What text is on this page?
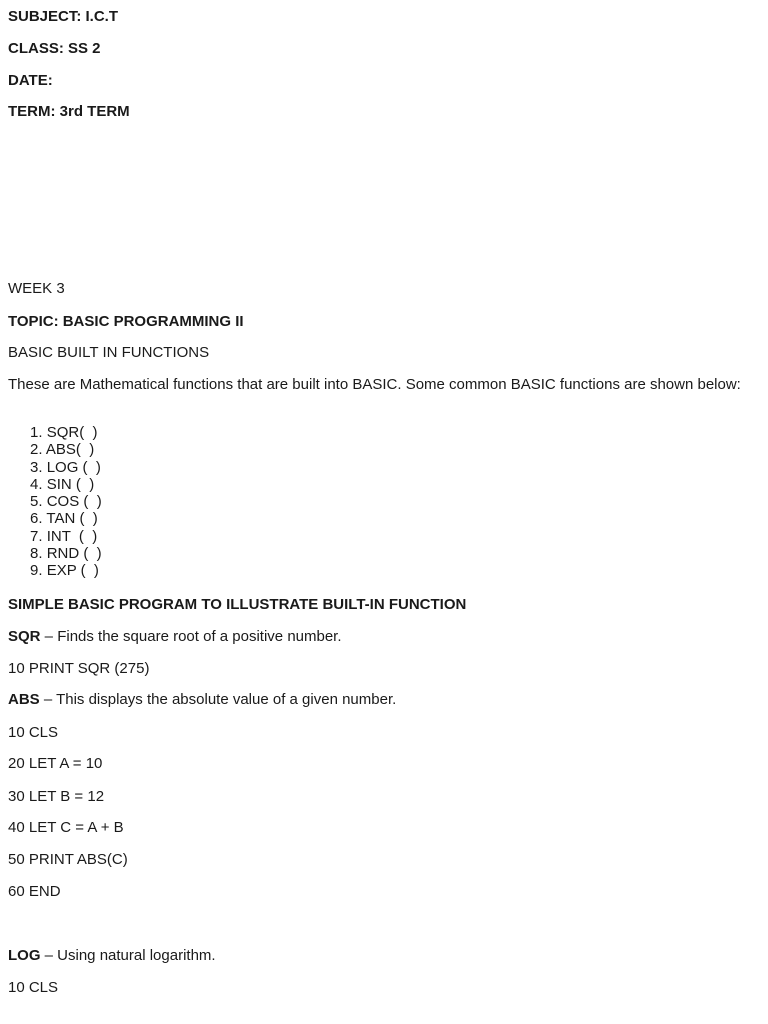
SUBJECT: I.C.T
CLASS: SS 2
DATE:
TERM: 3rd TERM
WEEK 3
TOPIC: BASIC PROGRAMMING II
BASIC BUILT IN FUNCTIONS
These are Mathematical functions that are built into BASIC. Some common BASIC functions are shown below:
1. SQR(  )
2. ABS(  )
3. LOG (  )
4. SIN (  )
5. COS (  )
6. TAN (  )
7. INT  (  )
8. RND (  )
9. EXP (  )
SIMPLE BASIC PROGRAM TO ILLUSTRATE BUILT-IN FUNCTION
SQR – Finds the square root of a positive number.
10 PRINT SQR (275)
ABS – This displays the absolute value of a given number.
10 CLS
20 LET A = 10
30 LET B = 12
40 LET C = A + B
50 PRINT ABS(C)
60 END
LOG – Using natural logarithm.
10 CLS
